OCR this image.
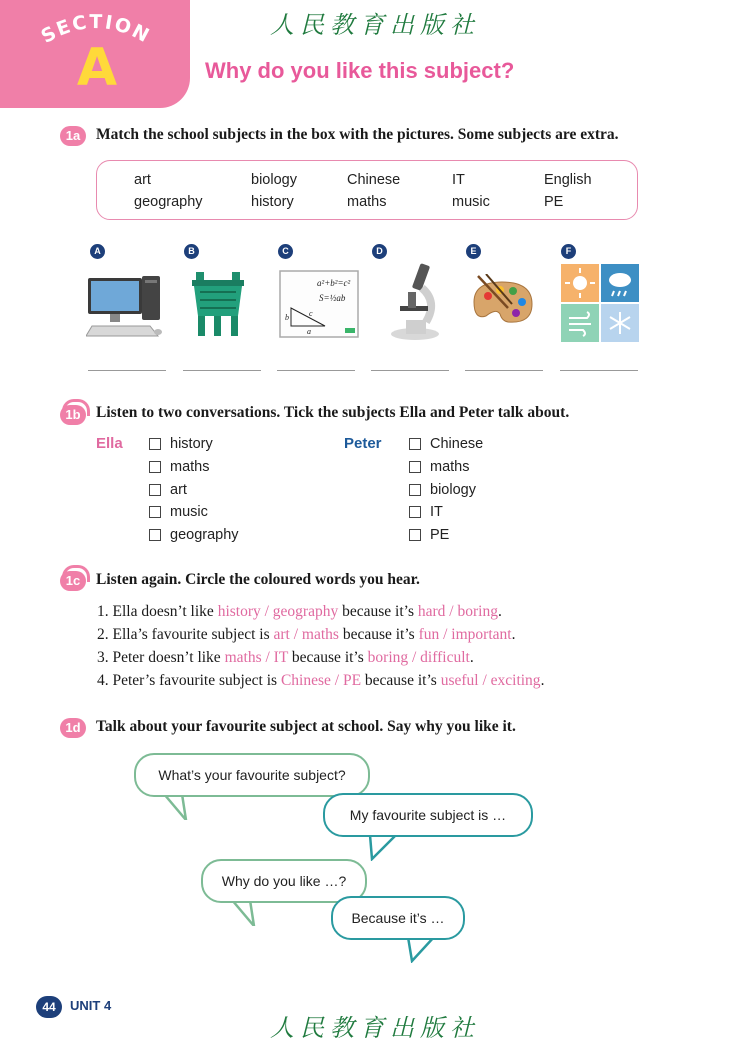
SECTION
A
人民教育出版社
Why do you like this subject?
1a	Match the school subjects in the box with the pictures. Some subjects are extra.
art	biology	Chinese	IT	English
geography	history	maths	music	PE
A	B	C	D	E	F
a²+b²=c²
S=½ab
b
a
c
1b Listen to two conversations. Tick the subjects Ella and Peter talk about.
Ella	history
maths
art
music
geography
Peter	Chinese
maths
biology
IT
PE
1c	Listen again. Circle the coloured words you hear.
1. Ella doesn’t like history / geography because it’s hard / boring.
2. Ella’s favourite subject is art / maths because it’s fun / important.
3. Peter doesn’t like maths / IT because it’s boring / difficult.
4. Peter’s favourite subject is Chinese / PE because it’s useful / exciting.
1d Talk about your favourite subject at school. Say why you like it.
What’s your favourite subject?
My favourite subject is …
Why do you like …?
Because it’s …
44	UNIT 4
人民教育出版社
